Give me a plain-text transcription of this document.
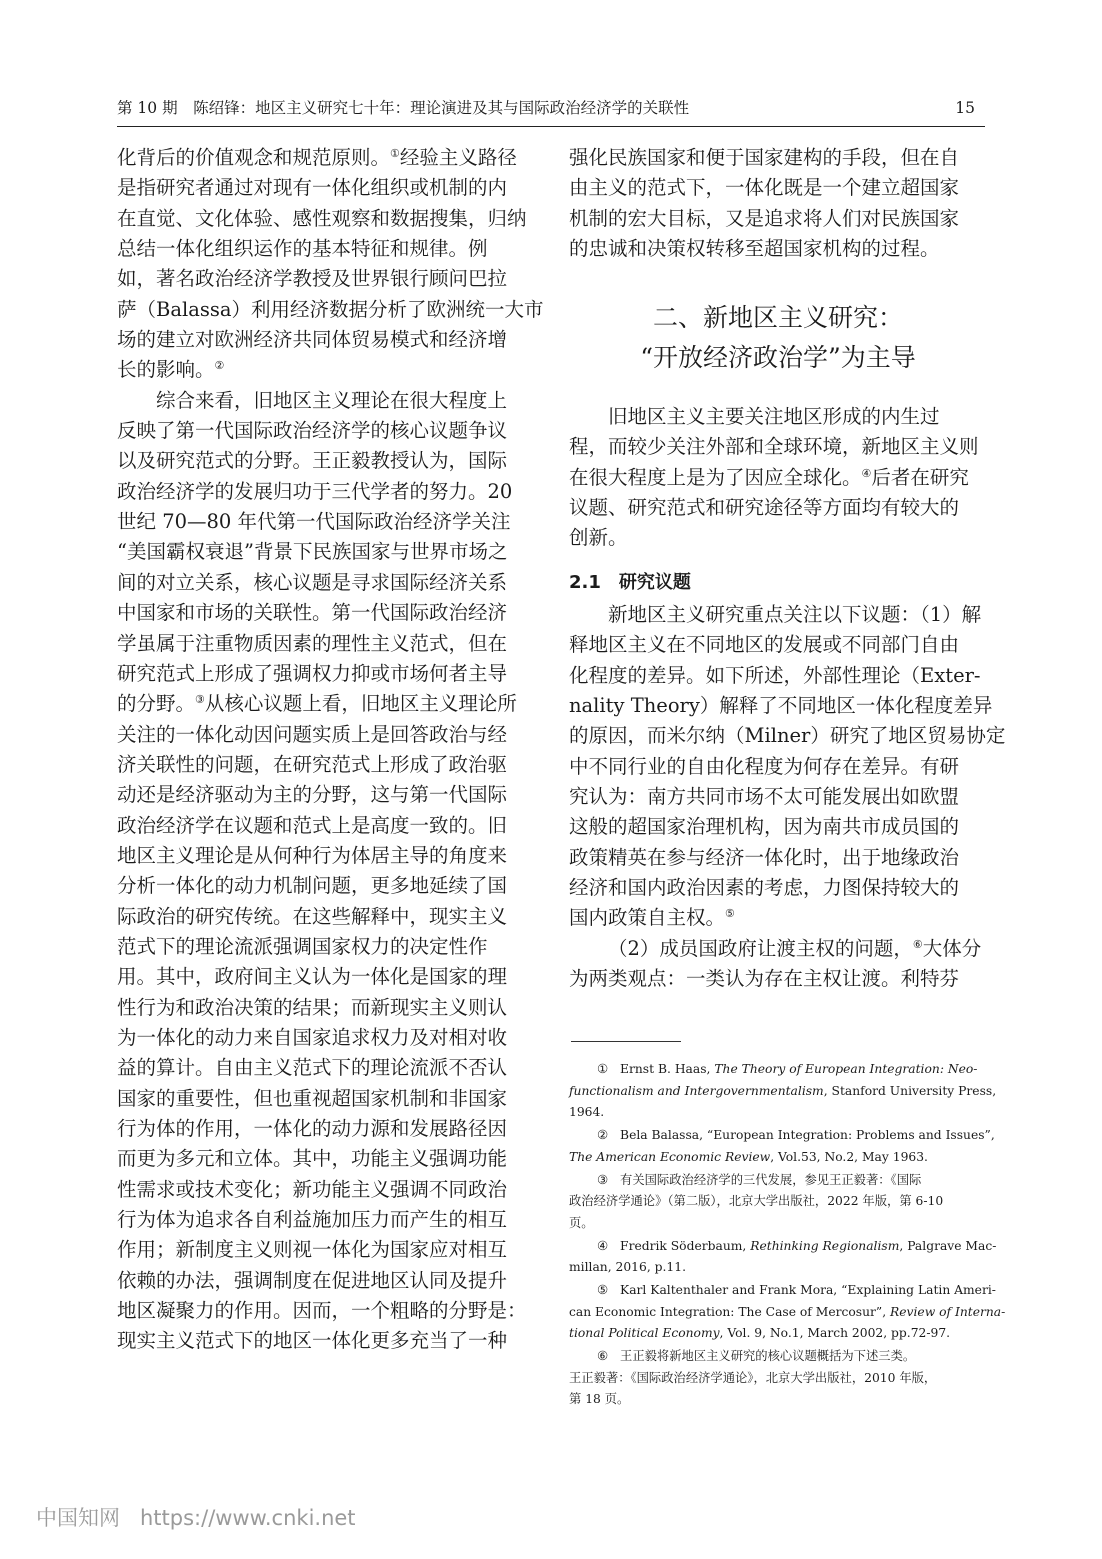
第 10 期　陈绍锋：地区主义研究七十年：理论演进及其与国际政治经济学的关联性	15
化背后的价值观念和规范原则。①经验主义路径
是指研究者通过对现有一体化组织或机制的内
在直觉、文化体验、感性观察和数据搜集，归纳
总结一体化组织运作的基本特征和规律。例
如，著名政治经济学教授及世界银行顾问巴拉
萨（Balassa）利用经济数据分析了欧洲统一大市
场的建立对欧洲经济共同体贸易模式和经济增
长的影响。②
综合来看，旧地区主义理论在很大程度上
反映了第一代国际政治经济学的核心议题争议
以及研究范式的分野。王正毅教授认为，国际
政治经济学的发展归功于三代学者的努力。20
世纪 70—80 年代第一代国际政治经济学关注
“美国霸权衰退”背景下民族国家与世界市场之
间的对立关系，核心议题是寻求国际经济关系
中国家和市场的关联性。第一代国际政治经济
学虽属于注重物质因素的理性主义范式，但在
研究范式上形成了强调权力抑或市场何者主导
的分野。③从核心议题上看，旧地区主义理论所
关注的一体化动因问题实质上是回答政治与经
济关联性的问题，在研究范式上形成了政治驱
动还是经济驱动为主的分野，这与第一代国际
政治经济学在议题和范式上是高度一致的。旧
地区主义理论是从何种行为体居主导的角度来
分析一体化的动力机制问题，更多地延续了国
际政治的研究传统。在这些解释中，现实主义
范式下的理论流派强调国家权力的决定性作
用。其中，政府间主义认为一体化是国家的理
性行为和政治决策的结果；而新现实主义则认
为一体化的动力来自国家追求权力及对相对收
益的算计。自由主义范式下的理论流派不否认
国家的重要性，但也重视超国家机制和非国家
行为体的作用，一体化的动力源和发展路径因
而更为多元和立体。其中，功能主义强调功能
性需求或技术变化；新功能主义强调不同政治
行为体为追求各自利益施加压力而产生的相互
作用；新制度主义则视一体化为国家应对相互
依赖的办法，强调制度在促进地区认同及提升
地区凝聚力的作用。因而，一个粗略的分野是：
现实主义范式下的地区一体化更多充当了一种
强化民族国家和便于国家建构的手段，但在自
由主义的范式下，一体化既是一个建立超国家
机制的宏大目标，又是追求将人们对民族国家
的忠诚和决策权转移至超国家机构的过程。
二、新地区主义研究：
“开放经济政治学”为主导
旧地区主义主要关注地区形成的内生过
程，而较少关注外部和全球环境，新地区主义则
在很大程度上是为了因应全球化。④后者在研究
议题、研究范式和研究途径等方面均有较大的
创新。
2.1　研究议题
新地区主义研究重点关注以下议题：（1）解
释地区主义在不同地区的发展或不同部门自由
化程度的差异。如下所述，外部性理论（Exter-
nality Theory）解释了不同地区一体化程度差异
的原因，而米尔纳（Milner）研究了地区贸易协定
中不同行业的自由化程度为何存在差异。有研
究认为：南方共同市场不太可能发展出如欧盟
这般的超国家治理机构，因为南共市成员国的
政策精英在参与经济一体化时，出于地缘政治
经济和国内政治因素的考虑，力图保持较大的
国内政策自主权。⑤
（2）成员国政府让渡主权的问题，⑥大体分
为两类观点：一类认为存在主权让渡。利特芬
① Ernst B. Haas, The Theory of European Integration: Neo-
functionalism and Intergovernmentalism, Stanford University Press,
1964.
② Bela Balassa, “European Integration: Problems and Issues”,
The American Economic Review, Vol.53, No.2, May 1963.
③ 有关国际政治经济学的三代发展，参见王正毅著：《国际
政治经济学通论》（第二版），北京大学出版社，2022 年版，第 6-10
页。
④ Fredrik Söderbaum, Rethinking Regionalism, Palgrave Mac-
millan, 2016, p.11.
⑤ Karl Kaltenthaler and Frank Mora, “Explaining Latin Ameri-
can Economic Integration: The Case of Mercosur”, Review of Interna-
tional Political Economy, Vol. 9, No.1, March 2002, pp.72-97.
⑥ 王正毅将新地区主义研究的核心议题概括为下述三类。
王正毅著：《国际政治经济学通论》，北京大学出版社，2010 年版，
第 18 页。
中国知网 https://www.cnki.net
